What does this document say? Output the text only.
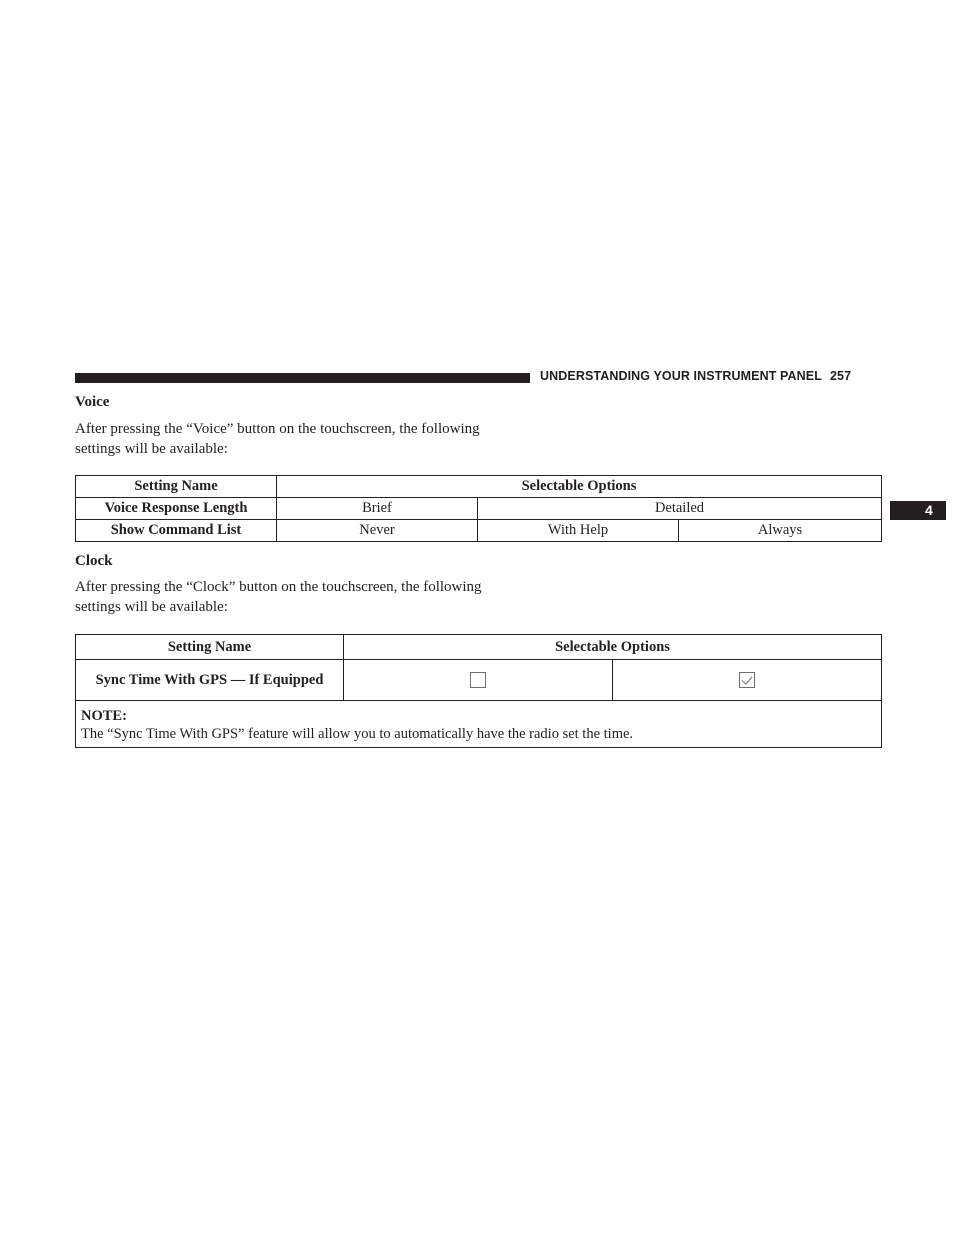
UNDERSTANDING YOUR INSTRUMENT PANEL 257
4
Voice
After pressing the “Voice” button on the touchscreen, the following settings will be available:
Setting Name	Selectable Options		
Voice Response Length	Brief	Detailed	
Show Command List	Never	With Help	Always
Clock
After pressing the “Clock” button on the touchscreen, the following settings will be available:
Setting Name	Selectable Options	
Sync Time With GPS — If Equipped		

NOTE:
The “Sync Time With GPS” feature will allow you to automatically have the radio set the time.		
